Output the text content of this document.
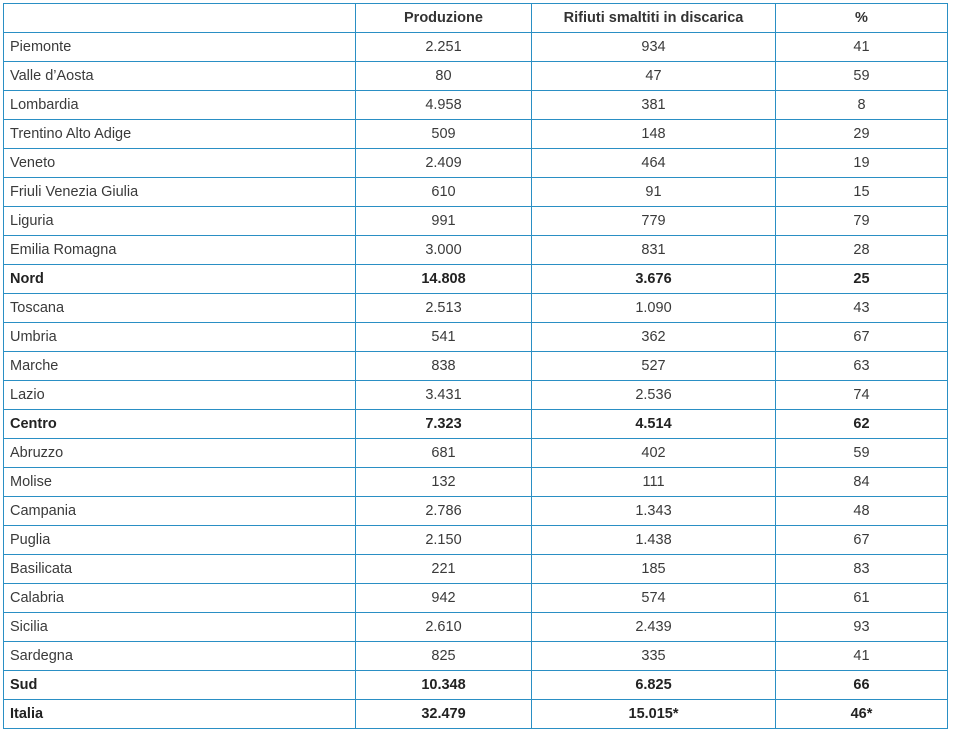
	Produzione	Rifiuti smaltiti in discarica	%
Piemonte	2.251	934	41
Valle d’Aosta	80	47	59
Lombardia	4.958	381	8
Trentino Alto Adige	509	148	29
Veneto	2.409	464	19
Friuli Venezia Giulia	610	91	15
Liguria	991	779	79
Emilia Romagna	3.000	831	28
Nord	14.808	3.676	25
Toscana	2.513	1.090	43
Umbria	541	362	67
Marche	838	527	63
Lazio	3.431	2.536	74
Centro	7.323	4.514	62
Abruzzo	681	402	59
Molise	132	111	84
Campania	2.786	1.343	48
Puglia	2.150	1.438	67
Basilicata	221	185	83
Calabria	942	574	61
Sicilia	2.610	2.439	93
Sardegna	825	335	41
Sud	10.348	6.825	66
Italia	32.479	15.015*	46*
